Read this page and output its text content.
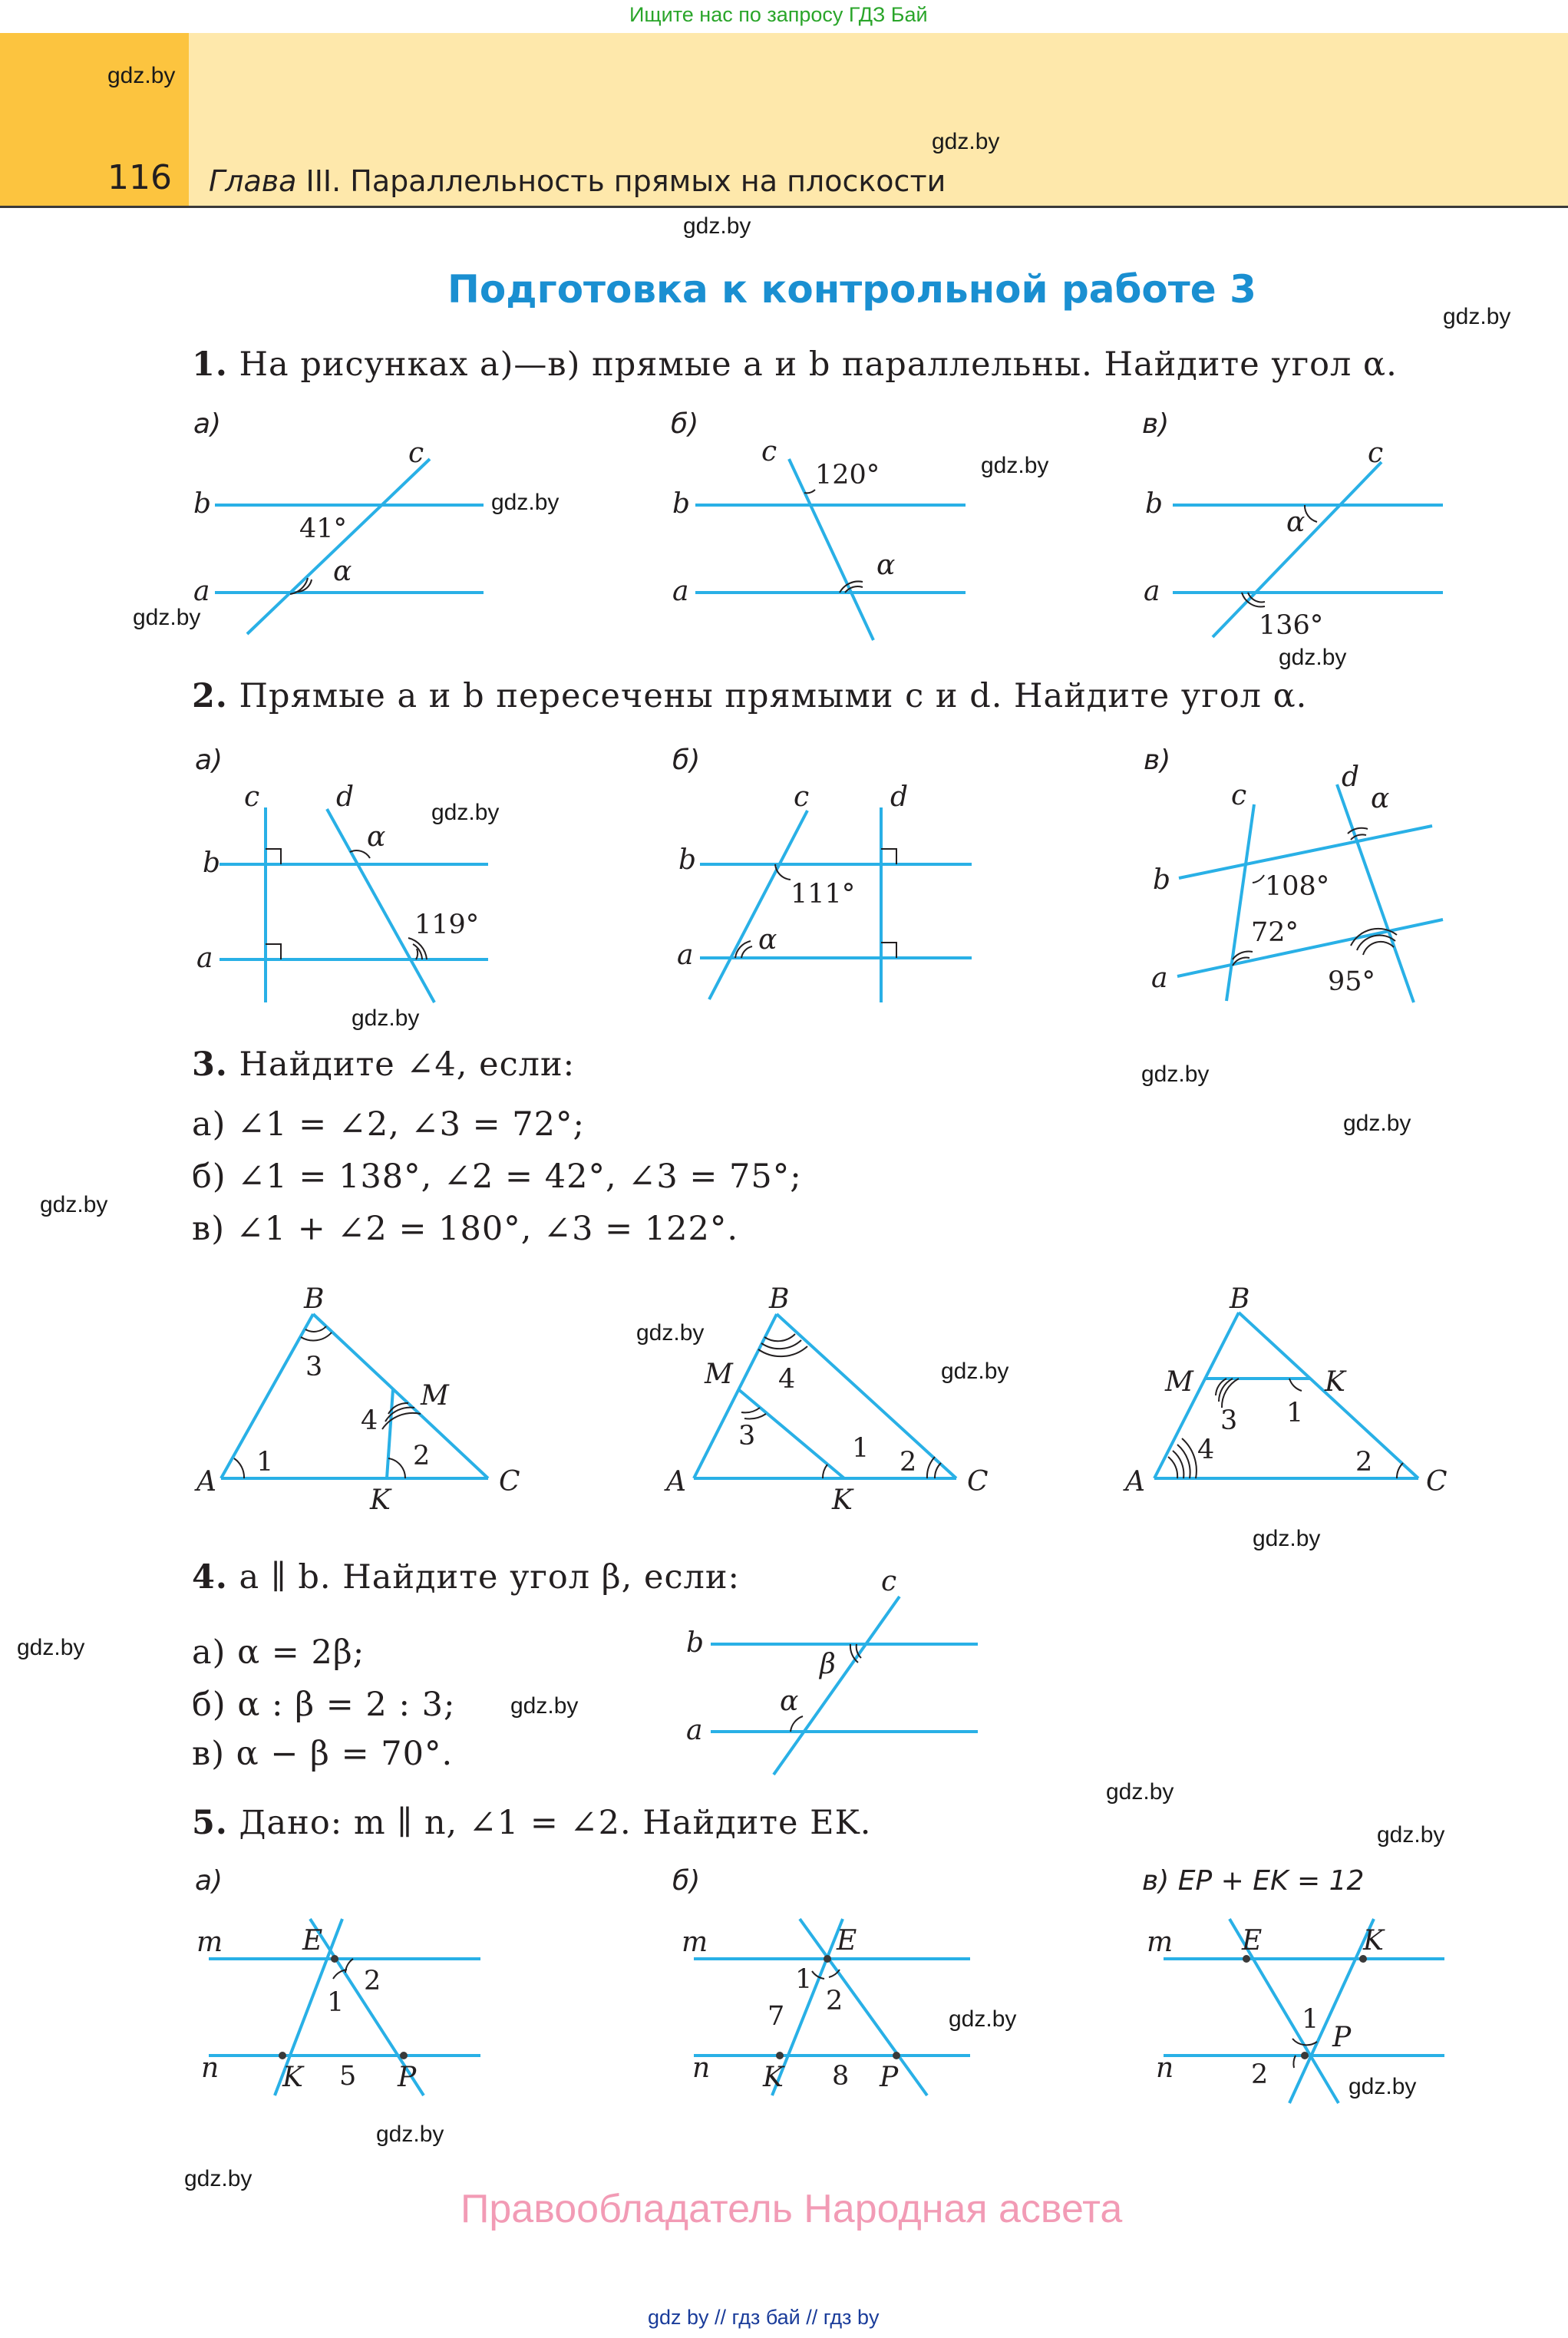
Ищите нас по запросу ГДЗ Бай
116 Глава III. Параллельность прямых на плоскости
gdz.by
gdz.by
gdz.by
gdz.by
gdz.by
gdz.by
gdz.by
gdz.by
gdz.by
gdz.by
gdz.by
gdz.by
gdz.by
gdz.by
gdz.by
gdz.by
gdz.by
gdz.by
gdz.by
gdz.by
gdz.by
gdz.by
gdz.by
gdz.by
Подготовка к контрольной работе 3
1. На рисунках а)—в) прямые a и b параллельны. Найдите угол α.
а)	б)	в)
2. Прямые a и b пересечены прямыми c и d. Найдите угол α.
а)	б)	в)
3. Найдите ∠4, если:
а) ∠1 = ∠2, ∠3 = 72°;
б) ∠1 = 138°, ∠2 = 42°, ∠3 = 75°;
в) ∠1 + ∠2 = 180°, ∠3 = 122°.
4. a ∥ b. Найдите угол β, если:
а) α = 2β;
б) α : β = 2 : 3;
в) α − β = 70°.
5. Дано: m ∥ n, ∠1 = ∠2. Найдите EK.
а)	б)	в) EP + EK = 12
b
a
c
41°
α
b
a
c
120°
α
b
a
c
α
136°
b
a
c	d
α
119°
b
a
c	d
111°
α
b
a
c
d
α
108°
72°
95°
A
B
C
M
K
1	2
3
4
A
B
C
M
K
1 2
3
4
A
B
C
M	K
1
2
3
4
b
a
c
β
α
m
n
E
K	P
1
2
5
m
n
E
K	P
1
2
7
8
m
n
E	K
P
1
2
Правообладатель Народная асвета
gdz by // гдз бай // гдз by
